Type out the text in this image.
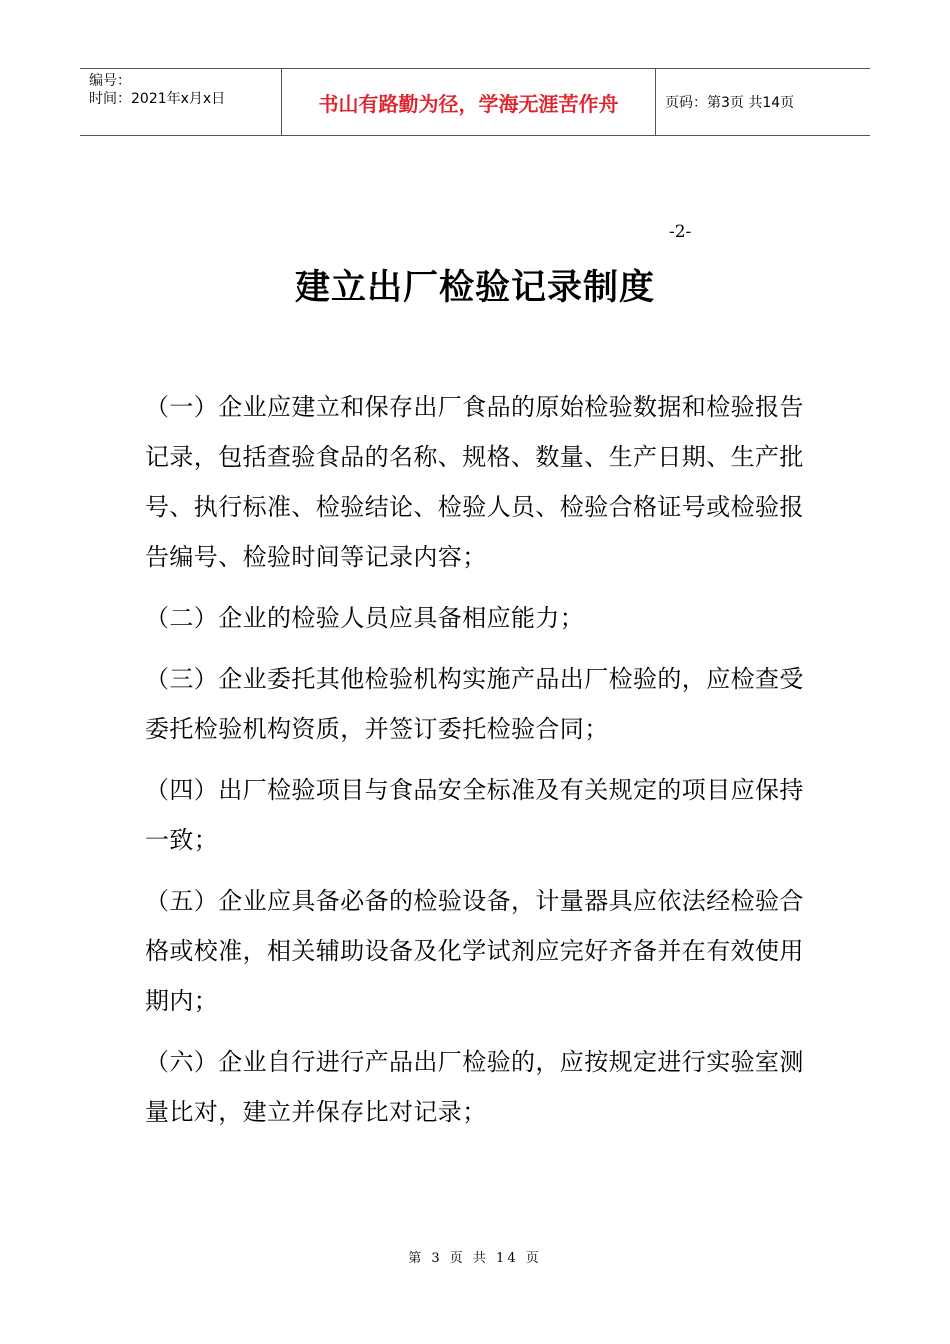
编号：
时间：2021年x月x日	书山有路勤为径，学海无涯苦作舟	页码：第3页 共14页
-2-
建立出厂检验记录制度

（一）企业应建立和保存出厂食品的原始检验数据和检验报告记录，包括查验食品的名称、规格、数量、生产日期、生产批号、执行标准、检验结论、检验人员、检验合格证号或检验报告编号、检验时间等记录内容；

（二）企业的检验人员应具备相应能力；

（三）企业委托其他检验机构实施产品出厂检验的，应检查受委托检验机构资质，并签订委托检验合同；

（四）出厂检验项目与食品安全标准及有关规定的项目应保持一致；

（五）企业应具备必备的检验设备，计量器具应依法经检验合格或校准，相关辅助设备及化学试剂应完好齐备并在有效使用期内；

（六）企业自行进行产品出厂检验的，应按规定进行实验室测量比对，建立并保存比对记录；

第 3 页 共 14 页
